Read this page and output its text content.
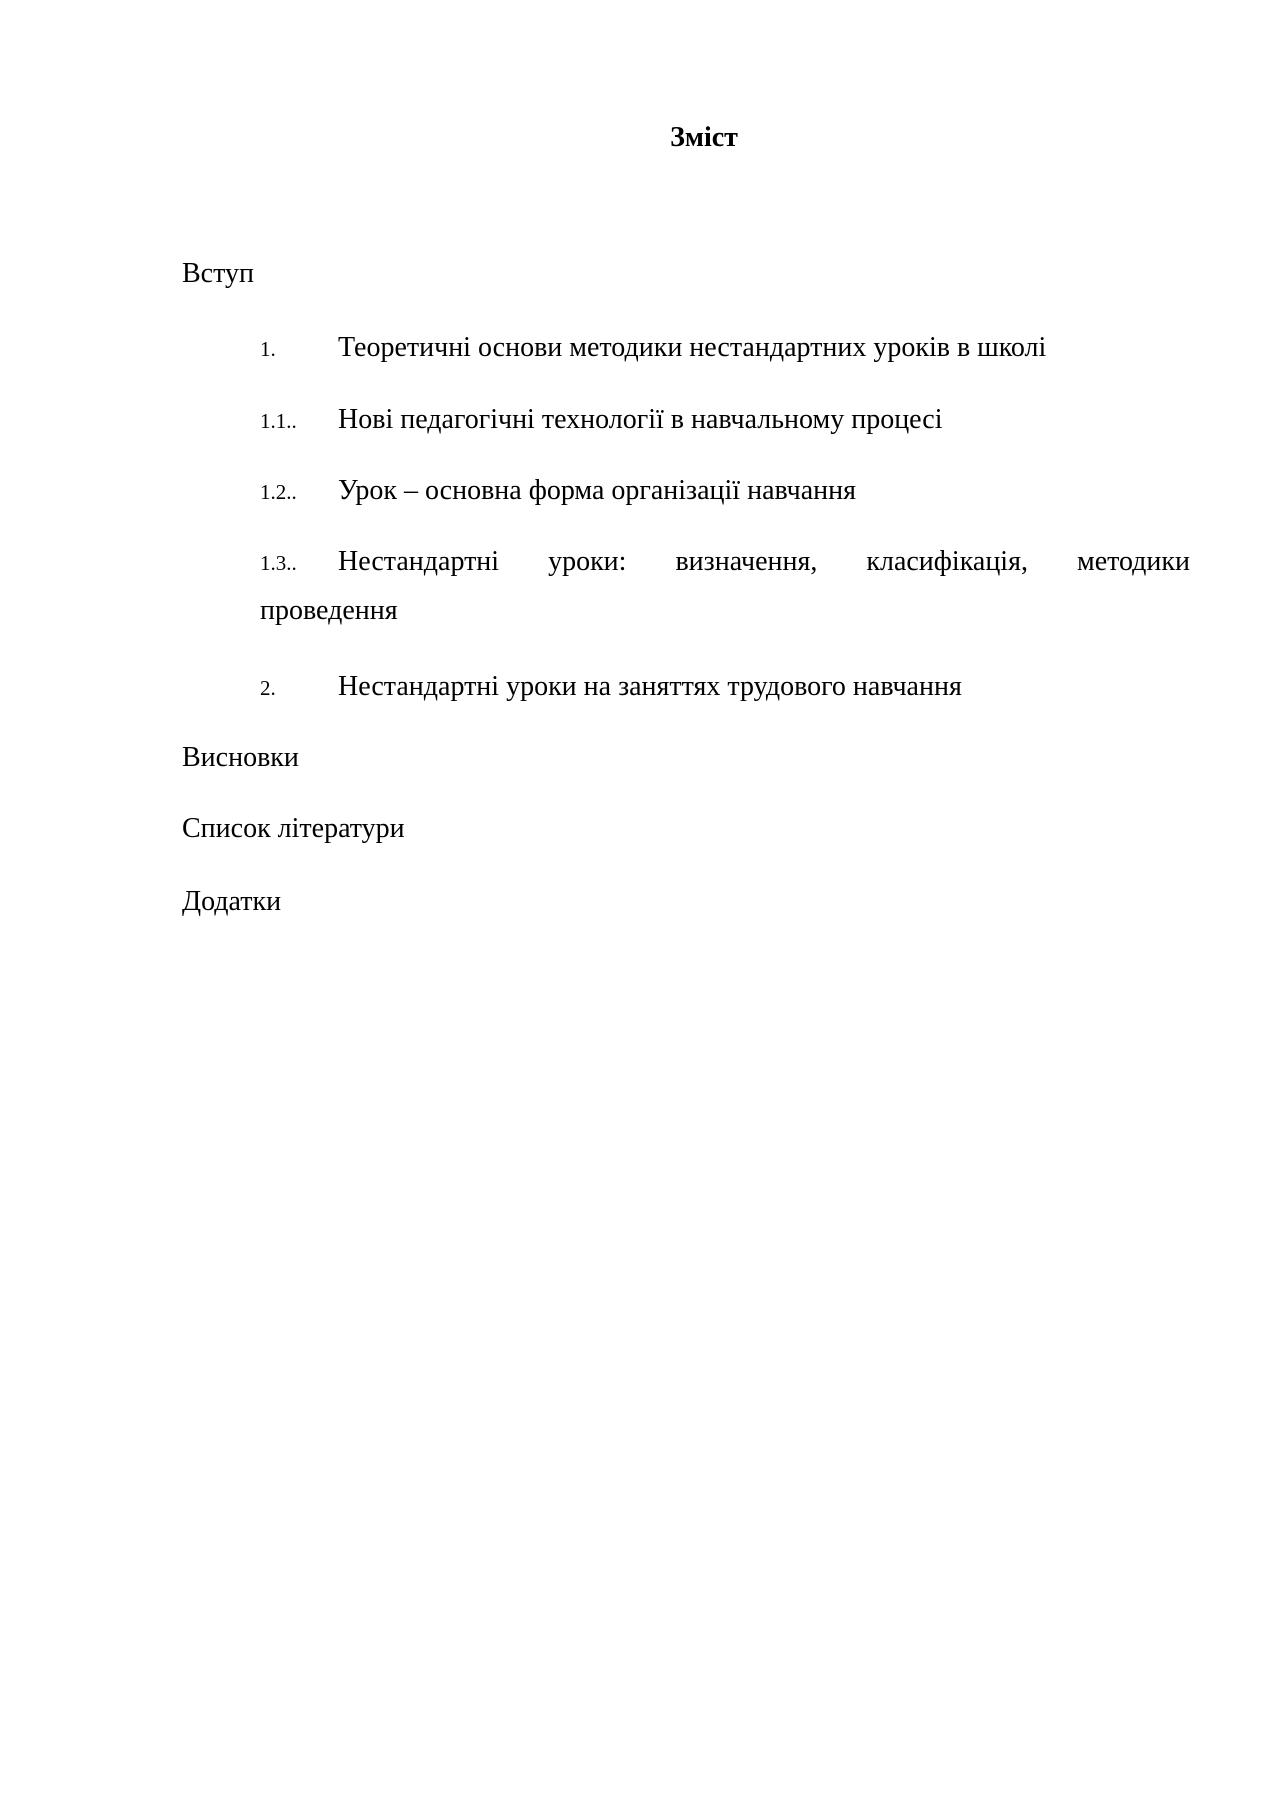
Зміст
Вступ
1. Теоретичні основи методики нестандартних уроків в школі
1.1.. Нові педагогічні технології в навчальному процесі
1.2.. Урок – основна форма організації навчання
1.3.. Нестандартні уроки: визначення, класифікація, методики
проведення
2. Нестандартні уроки на заняттях трудового навчання
Висновки
Список літератури
Додатки
